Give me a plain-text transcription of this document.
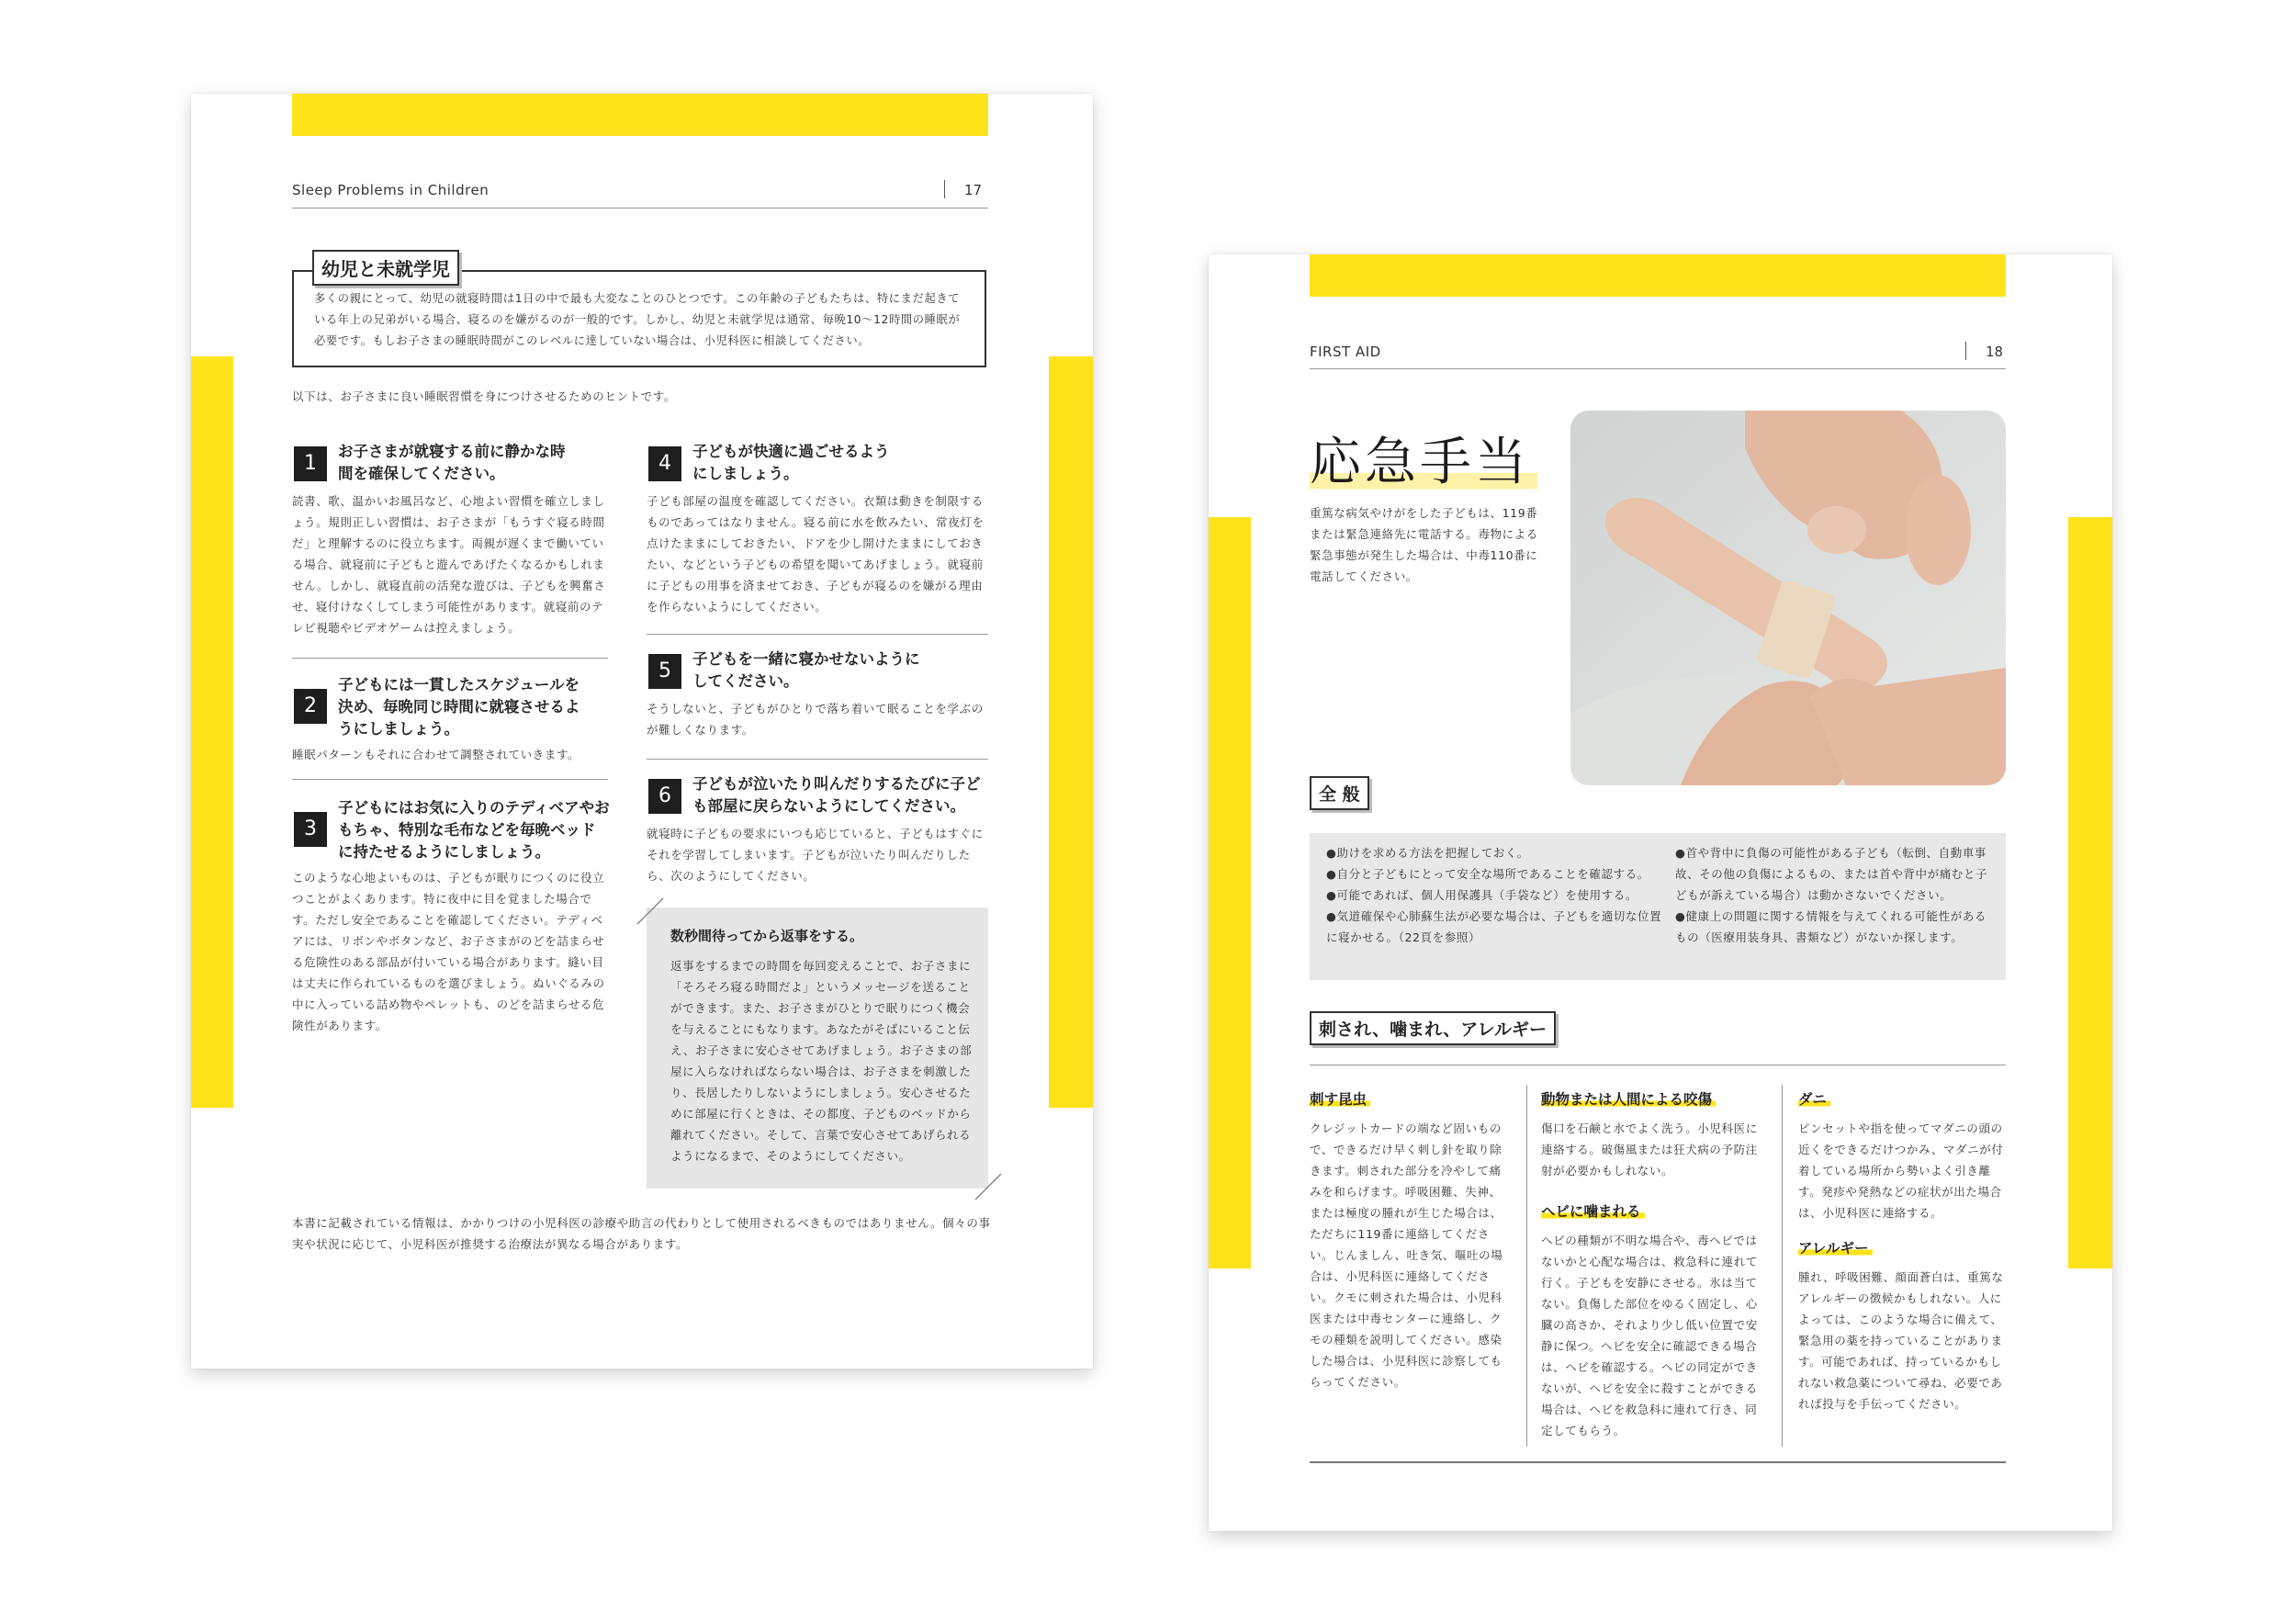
Sleep Problems in Children	17
多くの親にとって、幼児の就寝時間は1日の中で最も大変なことのひとつです。この年齢の子どもたちは、特にまだ起きている年上の兄弟がいる場合、寝るのを嫌がるのが一般的です。しかし、幼児と未就学児は通常、毎晩10～12時間の睡眠が必要です。もしお子さまの睡眠時間がこのレベルに達していない場合は、小児科医に相談してください。
幼児と未就学児
以下は、お子さまに良い睡眠習慣を身につけさせるためのヒントです。
1
お子さまが就寝する前に静かな時間を確保してください。
読書、歌、温かいお風呂など、心地よい習慣を確立しましょう。規則正しい習慣は、お子さまが「もうすぐ寝る時間だ」と理解するのに役立ちます。両親が遅くまで働いている場合、就寝前に子どもと遊んであげたくなるかもしれません。しかし、就寝直前の活発な遊びは、子どもを興奮させ、寝付けなくしてしまう可能性があります。就寝前のテレビ視聴やビデオゲームは控えましょう。
2
子どもには一貫したスケジュールを決め、毎晩同じ時間に就寝させるようにしましょう。
睡眠パターンもそれに合わせて調整されていきます。
3
子どもにはお気に入りのテディベアやおもちゃ、特別な毛布などを毎晩ベッドに持たせるようにしましょう。
このような心地よいものは、子どもが眠りにつくのに役立つことがよくあります。特に夜中に目を覚ました場合です。ただし安全であることを確認してください。テディベアには、リボンやボタンなど、お子さまがのどを詰まらせる危険性のある部品が付いている場合があります。縫い目は丈夫に作られているものを選びましょう。ぬいぐるみの中に入っている詰め物やペレットも、のどを詰まらせる危険性があります。
4
子どもが快適に過ごせるようにしましょう。
子ども部屋の温度を確認してください。衣類は動きを制限するものであってはなりません。寝る前に水を飲みたい、常夜灯を点けたままにしておきたい、ドアを少し開けたままにしておきたい、などという子どもの希望を聞いてあげましょう。就寝前に子どもの用事を済ませておき、子どもが寝るのを嫌がる理由を作らないようにしてください。
5
子どもを一緒に寝かせないようにしてください。
そうしないと、子どもがひとりで落ち着いて眠ることを学ぶのが難しくなります。
6
子どもが泣いたり叫んだりするたびに子ども部屋に戻らないようにしてください。
就寝時に子どもの要求にいつも応じていると、子どもはすぐにそれを学習してしまいます。子どもが泣いたり叫んだりしたら、次のようにしてください。
数秒間待ってから返事をする。
返事をするまでの時間を毎回変えることで、お子さまに「そろそろ寝る時間だよ」というメッセージを送ることができます。また、お子さまがひとりで眠りにつく機会を与えることにもなります。あなたがそばにいること伝え、お子さまに安心させてあげましょう。お子さまの部屋に入らなければならない場合は、お子さまを刺激したり、長居したりしないようにしましょう。安心させるために部屋に行くときは、その都度、子どものベッドから離れてください。そして、言葉で安心させてあげられるようになるまで、そのようにしてください。
本書に記載されている情報は、かかりつけの小児科医の診療や助言の代わりとして使用されるべきものではありません。個々の事実や状況に応じて、小児科医が推奨する治療法が異なる場合があります。
FIRST AID	18
応急手当
重篤な病気やけがをした子どもは、119番または緊急連絡先に電話する。毒物による緊急事態が発生した場合は、中毒110番に電話してください。
全 般
●助けを求める方法を把握しておく。
●自分と子どもにとって安全な場所であることを確認する。
●可能であれば、個人用保護具（手袋など）を使用する。
●気道確保や心肺蘇生法が必要な場合は、子どもを適切な位置に寝かせる。（22頁を参照）
●首や背中に負傷の可能性がある子ども（転倒、自動車事故、その他の負傷によるもの、または首や背中が痛むと子どもが訴えている場合）は動かさないでください。
●健康上の問題に関する情報を与えてくれる可能性があるもの（医療用装身具、書類など）がないか探します。
刺され、噛まれ、アレルギー
刺す昆虫
クレジットカードの端など固いもので、できるだけ早く刺し針を取り除きます。刺された部分を冷やして痛みを和らげます。呼吸困難、失神、または極度の腫れが生じた場合は、ただちに119番に連絡してください。じんましん、吐き気、嘔吐の場合は、小児科医に連絡してください。クモに刺された場合は、小児科医または中毒センターに連絡し、クモの種類を説明してください。感染した場合は、小児科医に診察してもらってください。
動物または人間による咬傷
傷口を石鹸と水でよく洗う。小児科医に連絡する。破傷風または狂犬病の予防注射が必要かもしれない。
ヘビに噛まれる
ヘビの種類が不明な場合や、毒ヘビではないかと心配な場合は、救急科に連れて行く。子どもを安静にさせる。氷は当てない。負傷した部位をゆるく固定し、心臓の高さか、それより少し低い位置で安静に保つ。ヘビを安全に確認できる場合は、ヘビを確認する。ヘビの同定ができないが、ヘビを安全に殺すことができる場合は、ヘビを救急科に連れて行き、同定してもらう。
ダニ
ピンセットや指を使ってマダニの頭の近くをできるだけつかみ、マダニが付着している場所から勢いよく引き離す。発疹や発熱などの症状が出た場合は、小児科医に連絡する。
アレルギー
腫れ、呼吸困難、顔面蒼白は、重篤なアレルギーの徴候かもしれない。人によっては、このような場合に備えて、緊急用の薬を持っていることがあります。可能であれば、持っているかもしれない救急薬について尋ね、必要であれば投与を手伝ってください。
